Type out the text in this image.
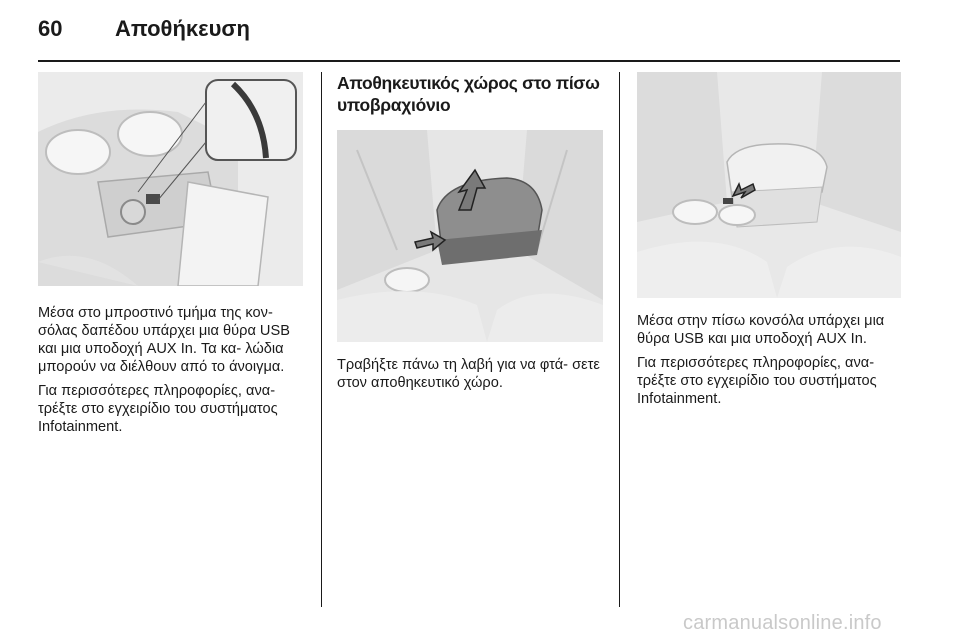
60 Αποθήκευση

Μέσα στο μπροστινό τμήμα της κον- σόλας δαπέδου υπάρχει μια θύρα USB και μια υποδοχή AUX In. Τα κα- λώδια μπορούν να διέλθουν από το άνοιγμα.

Για περισσότερες πληροφορίες, ανα- τρέξτε στο εγχειρίδιο του συστήματος Infotainment.

Αποθηκευτικός χώρος στο πίσω υποβραχιόνιο

Τραβήξτε πάνω τη λαβή για να φτά- σετε στον αποθηκευτικό χώρο.

Μέσα στην πίσω κονσόλα υπάρχει μια θύρα USB και μια υποδοχή AUX In.

Για περισσότερες πληροφορίες, ανα- τρέξτε στο εγχειρίδιο του συστήματος Infotainment.

carmanualsonline.info
